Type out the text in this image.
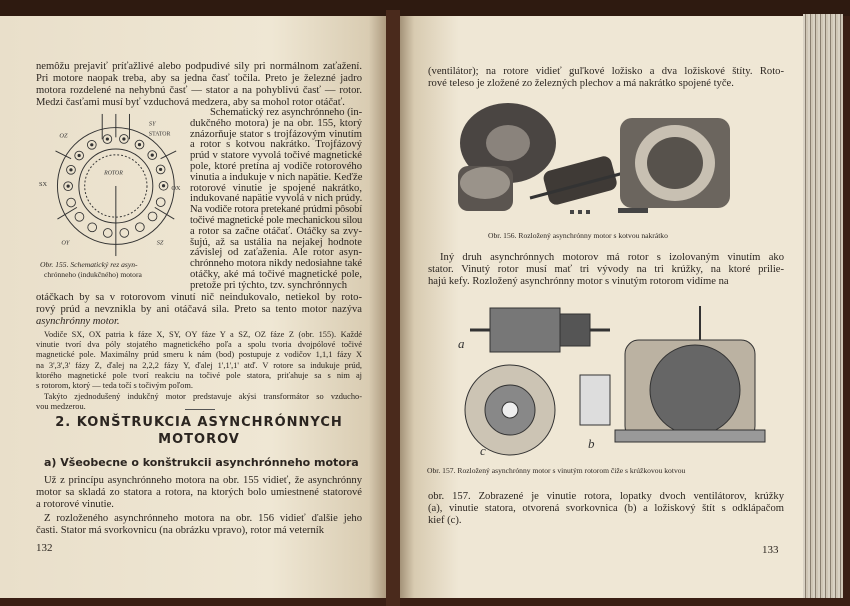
OZ
SY
STATOR
SX
OX
OY	SZ
ROTOR
Obr. 155. Schematický rez asyn-
chrónneho (indukčného) motora
2. KONŠTRUKCIA ASYNCHRÓNNYCH
MOTOROV
a) Všeobecne o konštrukcii asynchrónneho motora
132
a
b
c
Obr. 156. Rozložený asynchrónny motor s kotvou nakrátko
Obr. 157. Rozložený asynchrónny motor s vinutým rotorom čiže s krúžkovou kotvou
133
nemôžu prejaviť príťažlivé alebo podpudivé sily pri normálnom zaťažení.
Pri motore naopak treba, aby sa jedna časť točila. Preto je železné jadro
motora rozdelené na nehybnú časť — stator a na pohyblivú časť — rotor.
Medzi časťami musí byť vzduchová medzera, aby sa mohol rotor otáčať.
Schematický rez asynchrónneho (in-
dukčného motora) je na obr. 155, ktorý
znázorňuje stator s trojfázovým vinutím
a rotor s kotvou nakrátko. Trojfázový
prúd v statore vyvolá točivé magnetické
pole, ktoré pretína aj vodiče rotorového
vinutia a indukuje v nich napätie. Keďže
rotorové vinutie je spojené nakrátko,
indukované napätie vyvolá v nich prúdy.
Na vodiče rotora pretekané prúdmi pôsobí
točivé magnetické pole mechanickou silou
a rotor sa začne otáčať. Otáčky sa zvy-
šujú, až sa ustália na nejakej hodnote
závislej od zaťaženia. Ale rotor asyn-
chrónneho motora nikdy nedosiahne také
otáčky, aké má točivé magnetické pole,
pretože pri týchto, tzv. synchrónnych
otáčkach by sa v rotorovom vinutí nič neindukovalo, netiekol by roto-
rový prúd a nevznikla by ani otáčavá sila. Preto sa tento motor nazýva
asynchrónny motor.
Vodiče SX, OX patria k fáze X, SY, OY fáze Y a SZ, OZ fáze Z (obr. 155). Každé
vinutie tvorí dva póly stojatého magnetického poľa a spolu tvoria dvojpólové točivé
magnetické pole. Maximálny prúd smeru k nám (bod) postupuje z vodičov 1,1,1 fázy X
na 3',3',3' fázy Z, ďalej na 2,2,2 fázy Y, ďalej 1',1',1' atď. V rotore sa indukuje prúd,
ktorého magnetické pole tvorí reakciu na točivé pole statora, priťahuje sa s nim aj
s rotorom, ktorý — teda točí s točivým poľom.
Takýto zjednodušený indukčný motor predstavuje akýsi transformátor so vzducho-
vou medzerou.
Už z princípu asynchrónneho motora na obr. 155 vidieť, že asynchrónny
motor sa skladá zo statora a rotora, na ktorých bolo umiestnené statorové
a rotorové vinutie.
Z rozloženého asynchrónneho motora na obr. 156 vidieť ďalšie jeho
časti. Stator má svorkovnicu (na obrázku vpravo), rotor má veterník
(ventilátor); na rotore vidieť guľkové ložisko a dva ložiskové štíty. Roto-
rové teleso je zložené zo železných plechov a má nakrátko spojené tyče.
Iný druh asynchrónnych motorov má rotor s izolovaným vinutím ako
stator. Vinutý rotor musí mať tri vývody na tri krúžky, na ktoré prilie-
hajú kefy. Rozložený asynchrónny motor s vinutým rotorom vidíme na
obr. 157. Zobrazené je vinutie rotora, lopatky dvoch ventilátorov, krúžky
(a), vinutie statora, otvorená svorkovnica (b) a ložiskový štít s odklápačom
kief (c).
